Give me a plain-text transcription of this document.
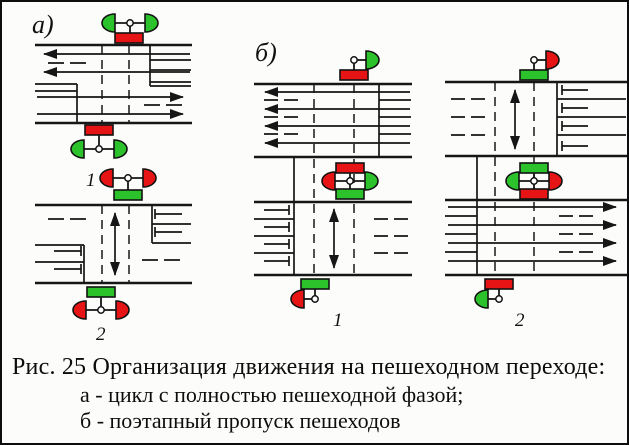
а)
1
2
б)
1	2
Рис. 25 Организация движения на пешеходном переходе:
а - цикл с полностью пешеходной фазой;
б - поэтапный пропуск пешеходов
